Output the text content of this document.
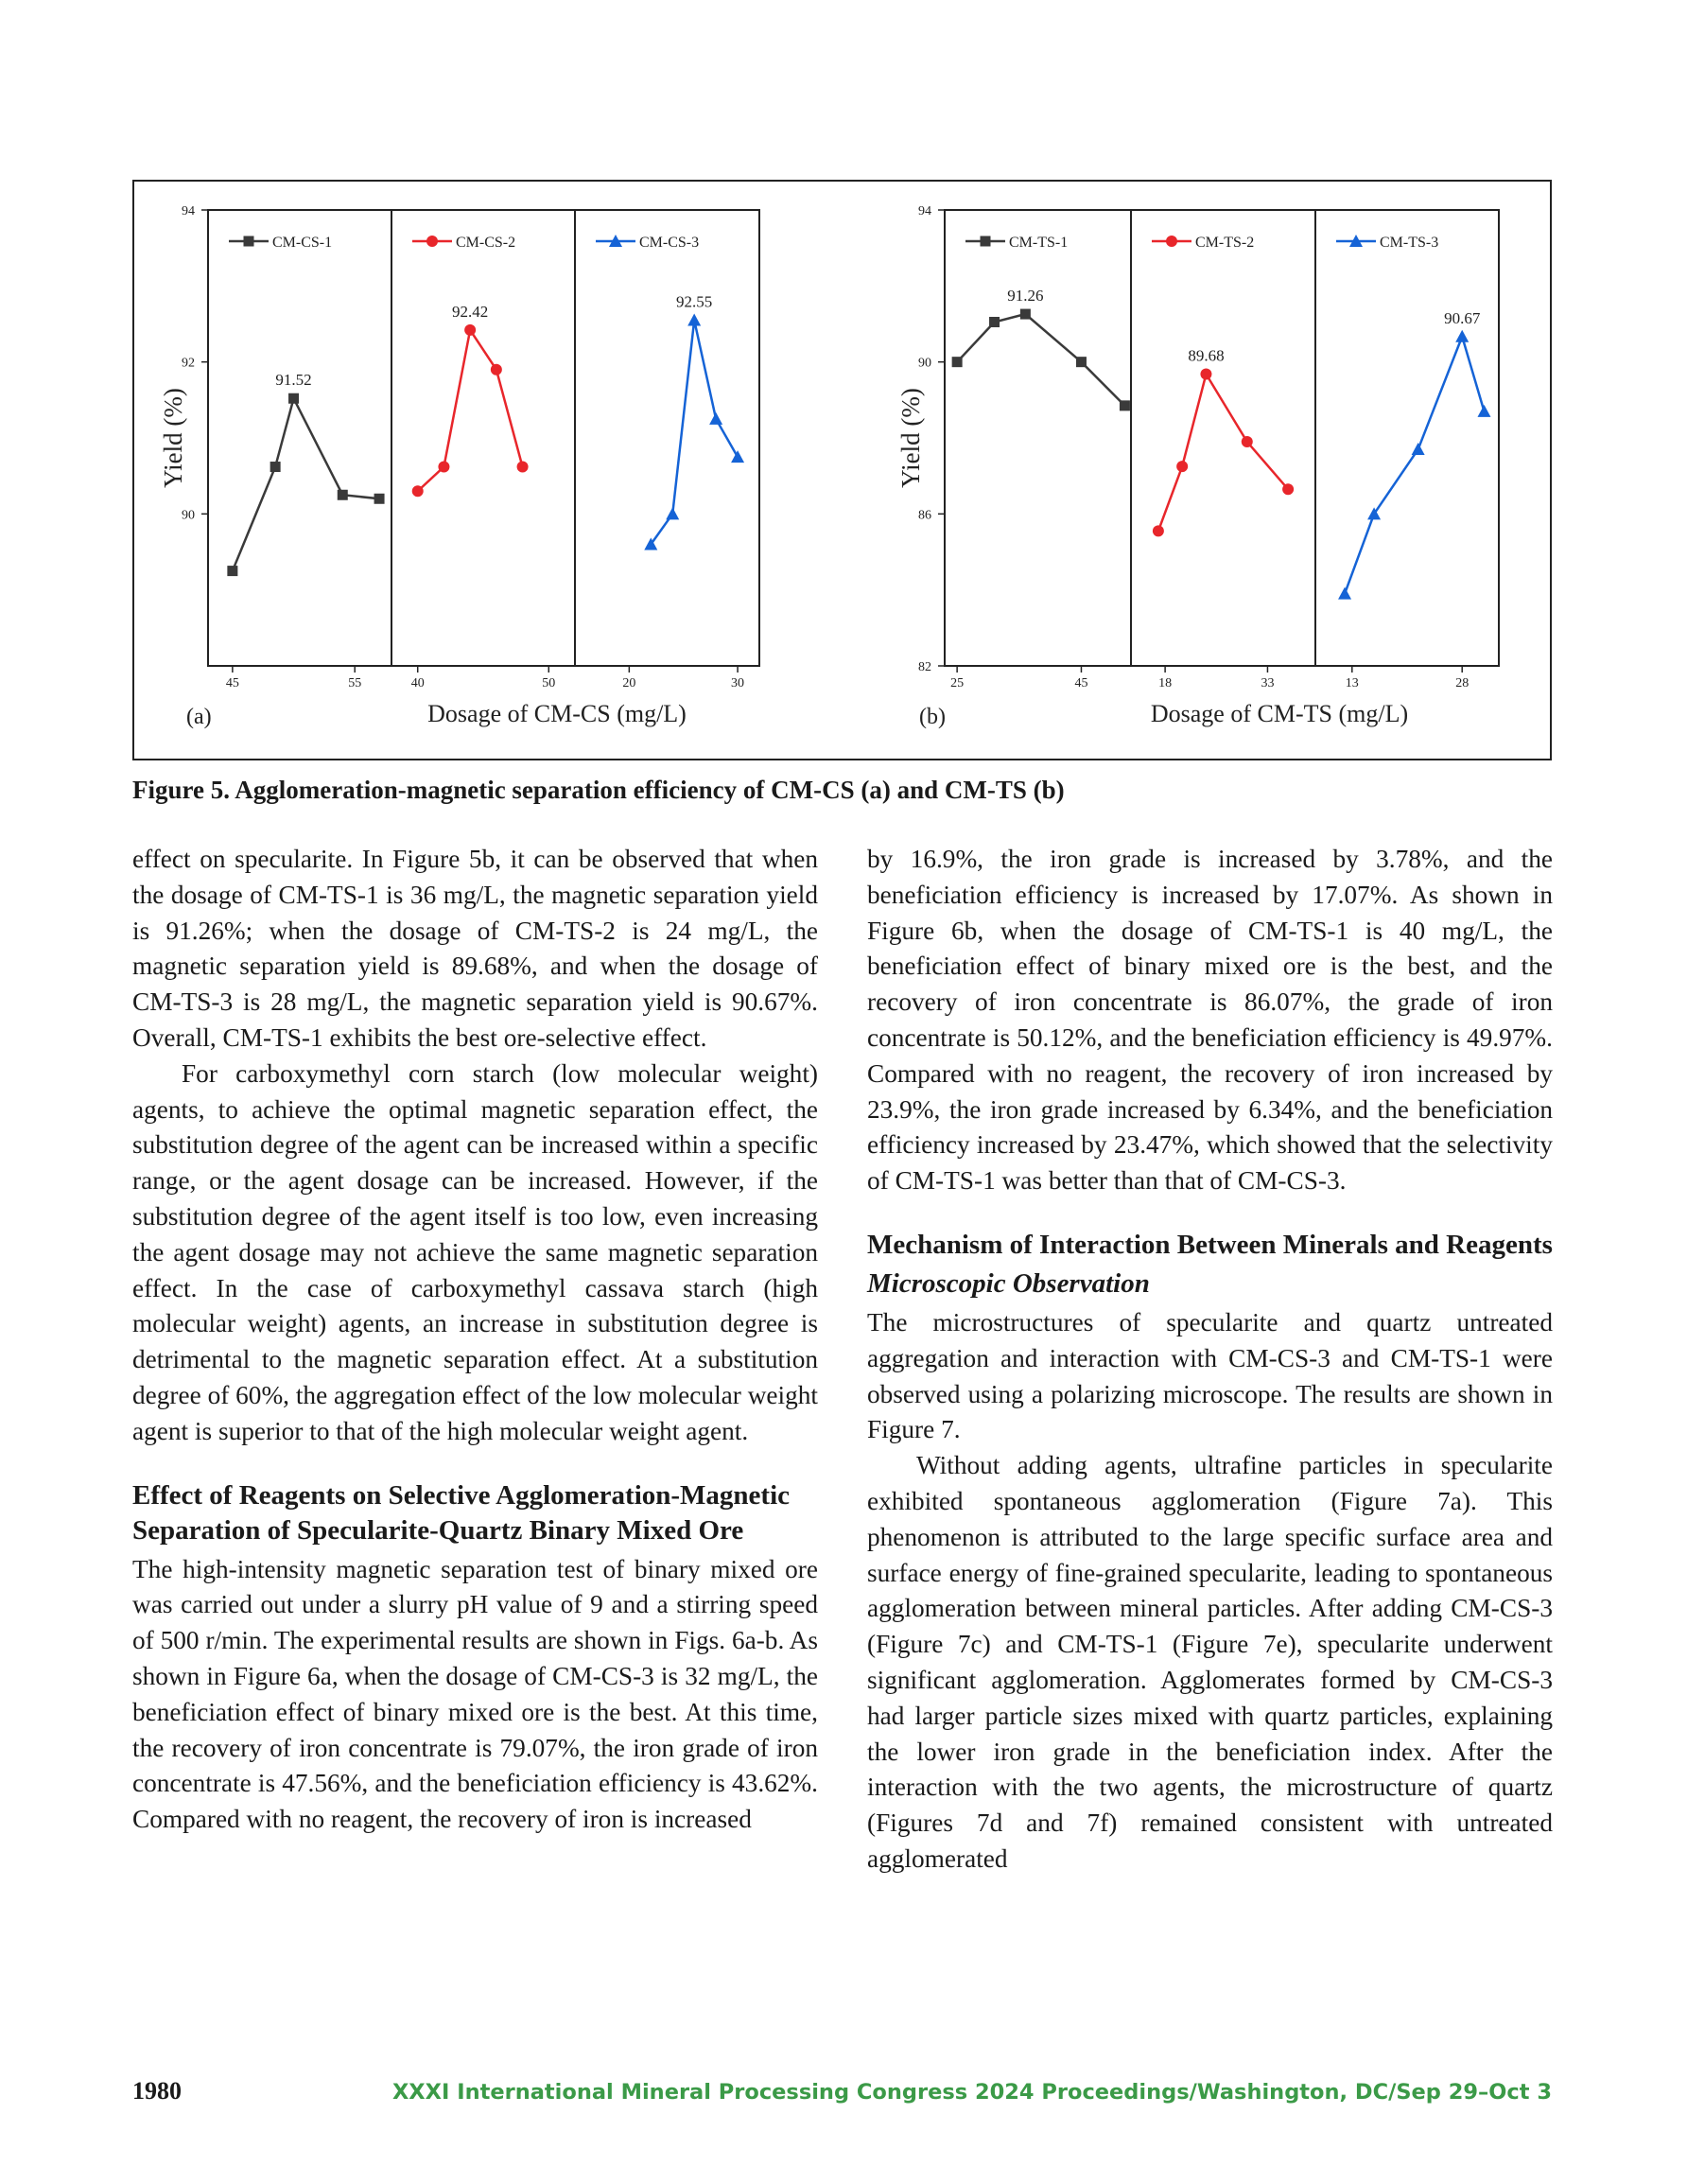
90
92
94
Yield (%)
Dosage of CM-CS (mg/L)
(a)
45	55
CM-CS-1
91.52
40	50
CM-CS-2
92.42
20	30
CM-CS-3
92.55
82
86
90
94
Yield (%)
Dosage of CM-TS (mg/L)
(b)
25	45
CM-TS-1
91.26
18	33
CM-TS-2
89.68
13	28
CM-TS-3
90.67
Figure 5. Agglomeration-magnetic separation efficiency of CM-CS (a) and CM-TS (b)

effect on specularite. In Figure 5b, it can be observed that when the dosage of CM-TS-1 is 36 mg/L, the magnetic separation yield is 91.26%; when the dosage of CM-TS-2 is 24 mg/L, the magnetic separation yield is 89.68%, and when the dosage of CM-TS-3 is 28 mg/L, the magnetic separation yield is 90.67%. Overall, CM-TS-1 exhibits the best ore-selective effect.

For carboxymethyl corn starch (low molecular weight) agents, to achieve the optimal magnetic separation effect, the substitution degree of the agent can be increased within a specific range, or the agent dosage can be increased. However, if the substitution degree of the agent itself is too low, even increasing the agent dosage may not achieve the same magnetic separation effect. In the case of carboxymethyl cassava starch (high molecular weight) agents, an increase in substitution degree is detrimental to the magnetic separation effect. At a substitution degree of 60%, the aggregation effect of the low molecular weight agent is superior to that of the high molecular weight agent.

Effect of Reagents on Selective Agglomeration-Magnetic Separation of Specularite-Quartz Binary Mixed Ore

The high-intensity magnetic separation test of binary mixed ore was carried out under a slurry pH value of 9 and a stirring speed of 500 r/min. The experimental results are shown in Figs. 6a-b. As shown in Figure 6a, when the dosage of CM-CS-3 is 32 mg/L, the beneficiation effect of binary mixed ore is the best. At this time, the recovery of iron concentrate is 79.07%, the iron grade of iron concentrate is 47.56%, and the beneficiation efficiency is 43.62%. Compared with no reagent, the recovery of iron is increased

by 16.9%, the iron grade is increased by 3.78%, and the beneficiation efficiency is increased by 17.07%. As shown in Figure 6b, when the dosage of CM-TS-1 is 40 mg/L, the beneficiation effect of binary mixed ore is the best, and the recovery of iron concentrate is 86.07%, the grade of iron concentrate is 50.12%, and the beneficiation efficiency is 49.97%. Compared with no reagent, the recovery of iron increased by 23.9%, the iron grade increased by 6.34%, and the beneficiation efficiency increased by 23.47%, which showed that the selectivity of CM-TS-1 was better than that of CM-CS-3.

Mechanism of Interaction Between Minerals and Reagents
Microscopic Observation

The microstructures of specularite and quartz untreated aggregation and interaction with CM-CS-3 and CM-TS-1 were observed using a polarizing microscope. The results are shown in Figure 7.

Without adding agents, ultrafine particles in specularite exhibited spontaneous agglomeration (Figure 7a). This phenomenon is attributed to the large specific surface area and surface energy of fine-grained specularite, leading to spontaneous agglomeration between mineral particles. After adding CM-CS-3 (Figure 7c) and CM-TS-1 (Figure 7e), specularite underwent significant agglomeration. Agglomerates formed by CM-CS-3 had larger particle sizes mixed with quartz particles, explaining the lower iron grade in the beneficiation index. After the interaction with the two agents, the microstructure of quartz (Figures 7d and 7f) remained consistent with untreated agglomerated

1980	XXXI International Mineral Processing Congress 2024 Proceedings/Washington, DC/Sep 29–Oct 3
